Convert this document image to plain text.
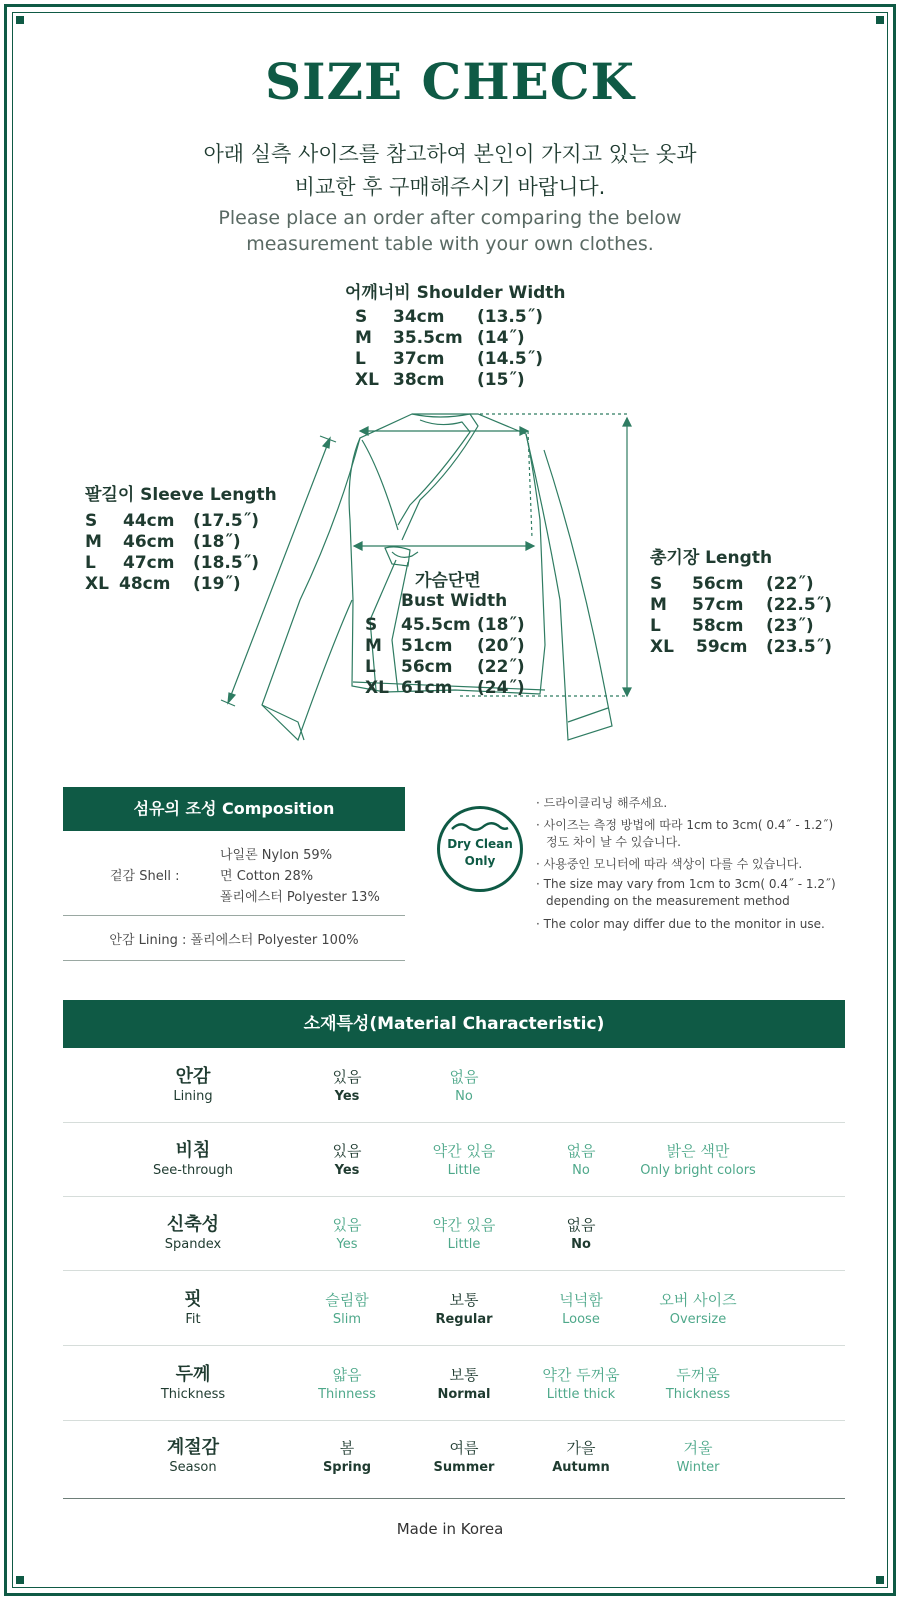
SIZE CHECK
아래 실측 사이즈를 참고하여 본인이 가지고 있는 옷과
비교한 후 구매해주시기 바랍니다.
Please place an order after comparing the below
measurement table with your own clothes.
어깨너비 Shoulder Width
S 34cm (13.5˝)
M 35.5cm (14˝)
L 37cm (14.5˝)
XL 38cm (15˝)
팔길이 Sleeve Length
S 44cm (17.5˝)
M 46cm (18˝)
L 47cm (18.5˝)
XL 48cm (19˝)	가슴단면
Bust Width
S 45.5cm (18˝)
M 51cm (20˝)
L 56cm (22˝)
XL 61cm (24˝)
총기장 Length
S 56cm (22˝)
M 57cm (22.5˝)
L 58cm (23˝)
XL 59cm (23.5˝)
섬유의 조성 Composition
겉감 Shell :
나일론 Nylon 59%
면 Cotton 28%
폴리에스터 Polyester 13%
안감 Lining : 폴리에스터 Polyester 100%
Dry Clean
Only
· 드라이클리닝 해주세요.
· 사이즈는 측정 방법에 따라 1cm to 3cm( 0.4˝ - 1.2˝)
정도 차이 날 수 있습니다.
· 사용중인 모니터에 따라 색상이 다를 수 있습니다.
· The size may vary from 1cm to 3cm( 0.4˝ - 1.2˝)
depending on the measurement method
· The color may differ due to the monitor in use.
소재특성(Material Characteristic)
안감
Lining
있음
Yes
없음
No
비침
See-through
있음
Yes
약간 있음
Little
없음
No
밝은 색만
Only bright colors
신축성
Spandex
있음
Yes
약간 있음
Little
없음
No
핏
Fit
슬림함
Slim
보통
Regular
넉넉함
Loose
오버 사이즈
Oversize
두께
Thickness
얇음
Thinness
보통
Normal
약간 두꺼움
Little thick
두꺼움
Thickness
계절감
Season
봄
Spring
여름
Summer
가을
Autumn
겨울
Winter
Made in Korea
